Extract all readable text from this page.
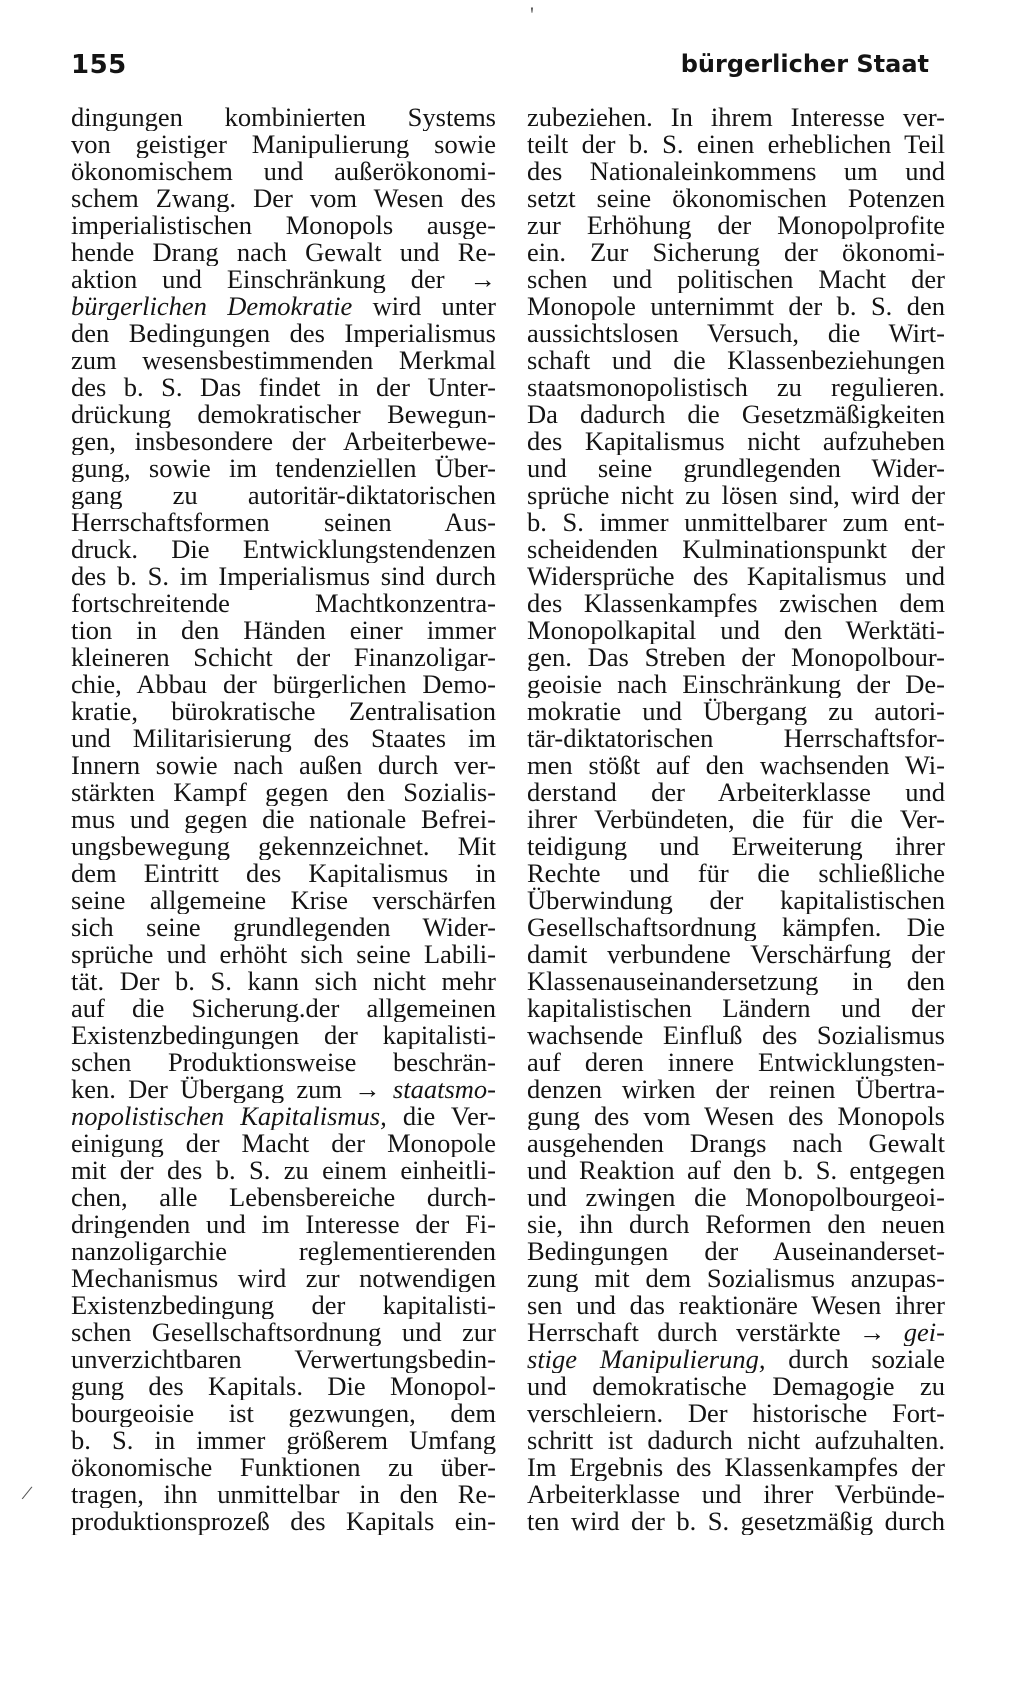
155	bürgerlicher Staat
dingungen kombinierten Systems
von geistiger Manipulierung sowie
ökonomischem und außerökonomi-
schem Zwang. Der vom Wesen des
imperialistischen Monopols ausge-
hende Drang nach Gewalt und Re-
aktion und Einschränkung der →
bürgerlichen Demokratie wird unter
den Bedingungen des Imperialismus
zum wesensbestimmenden Merkmal
des b. S. Das findet in der Unter-
drückung demokratischer Bewegun-
gen, insbesondere der Arbeiterbewe-
gung, sowie im tendenziellen Über-
gang zu autoritär-diktatorischen
Herrschaftsformen seinen Aus-
druck. Die Entwicklungstendenzen
des b. S. im Imperialismus sind durch
fortschreitende Machtkonzentra-
tion in den Händen einer immer
kleineren Schicht der Finanzoligar-
chie, Abbau der bürgerlichen Demo-
kratie, bürokratische Zentralisation
und Militarisierung des Staates im
Innern sowie nach außen durch ver-
stärkten Kampf gegen den Sozialis-
mus und gegen die nationale Befrei-
ungsbewegung gekennzeichnet. Mit
dem Eintritt des Kapitalismus in
seine allgemeine Krise verschärfen
sich seine grundlegenden Wider-
sprüche und erhöht sich seine Labili-
tät. Der b. S. kann sich nicht mehr
auf die Sicherung.der allgemeinen
Existenzbedingungen der kapitalisti-
schen Produktionsweise beschrän-
ken. Der Übergang zum → staatsmo-
nopolistischen Kapitalismus, die Ver-
einigung der Macht der Monopole
mit der des b. S. zu einem einheitli-
chen, alle Lebensbereiche durch-
dringenden und im Interesse der Fi-
nanzoligarchie reglementierenden
Mechanismus wird zur notwendigen
Existenzbedingung der kapitalisti-
schen Gesellschaftsordnung und zur
unverzichtbaren Verwertungsbedin-
gung des Kapitals. Die Monopol-
bourgeoisie ist gezwungen, dem
b. S. in immer größerem Umfang
ökonomische Funktionen zu über-
tragen, ihn unmittelbar in den Re-
produktionsprozeß des Kapitals ein-
zubeziehen. In ihrem Interesse ver-
teilt der b. S. einen erheblichen Teil
des Nationaleinkommens um und
setzt seine ökonomischen Potenzen
zur Erhöhung der Monopolprofite
ein. Zur Sicherung der ökonomi-
schen und politischen Macht der
Monopole unternimmt der b. S. den
aussichtslosen Versuch, die Wirt-
schaft und die Klassenbeziehungen
staatsmonopolistisch zu regulieren.
Da dadurch die Gesetzmäßigkeiten
des Kapitalismus nicht aufzuheben
und seine grundlegenden Wider-
sprüche nicht zu lösen sind, wird der
b. S. immer unmittelbarer zum ent-
scheidenden Kulminationspunkt der
Widersprüche des Kapitalismus und
des Klassenkampfes zwischen dem
Monopolkapital und den Werktäti-
gen. Das Streben der Monopolbour-
geoisie nach Einschränkung der De-
mokratie und Übergang zu autori-
tär-diktatorischen Herrschaftsfor-
men stößt auf den wachsenden Wi-
derstand der Arbeiterklasse und
ihrer Verbündeten, die für die Ver-
teidigung und Erweiterung ihrer
Rechte und für die schließliche
Überwindung der kapitalistischen
Gesellschaftsordnung kämpfen. Die
damit verbundene Verschärfung der
Klassenauseinandersetzung in den
kapitalistischen Ländern und der
wachsende Einfluß des Sozialismus
auf deren innere Entwicklungsten-
denzen wirken der reinen Übertra-
gung des vom Wesen des Monopols
ausgehenden Drangs nach Gewalt
und Reaktion auf den b. S. entgegen
und zwingen die Monopolbourgeoi-
sie, ihn durch Reformen den neuen
Bedingungen der Auseinanderset-
zung mit dem Sozialismus anzupas-
sen und das reaktionäre Wesen ihrer
Herrschaft durch verstärkte → gei-
stige Manipulierung, durch soziale
und demokratische Demagogie zu
verschleiern. Der historische Fort-
schritt ist dadurch nicht aufzuhalten.
Im Ergebnis des Klassenkampfes der
Arbeiterklasse und ihrer Verbünde-
ten wird der b. S. gesetzmäßig durch
'
/
